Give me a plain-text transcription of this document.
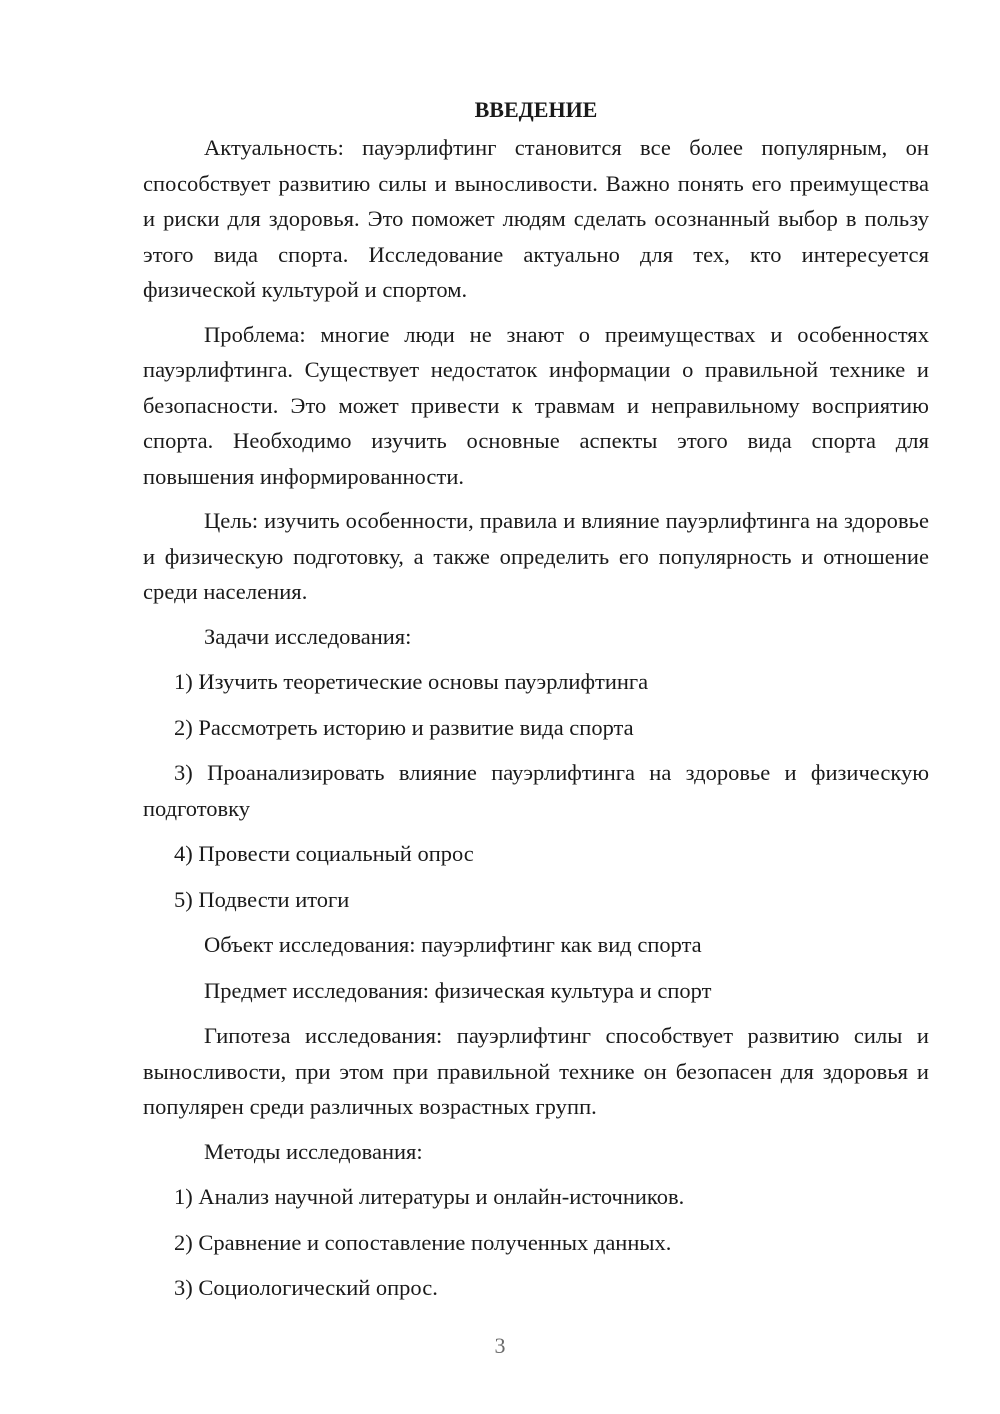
ВВЕДЕНИЕ

Актуальность: пауэрлифтинг становится все более популярным, он способствует развитию силы и выносливости. Важно понять его преимущества и риски для здоровья. Это поможет людям сделать осознанный выбор в пользу этого вида спорта. Исследование актуально для тех, кто интересуется физической культурой и спортом.

Проблема: многие люди не знают о преимуществах и особенностях пауэрлифтинга. Существует недостаток информации о правильной технике и безопасности. Это может привести к травмам и неправильному восприятию спорта. Необходимо изучить основные аспекты этого вида спорта для повышения информированности.

Цель: изучить особенности, правила и влияние пауэрлифтинга на здоровье и физическую подготовку, а также определить его популярность и отношение среди населения.

Задачи исследования:

1) Изучить теоретические основы пауэрлифтинга

2) Рассмотреть историю и развитие вида спорта

3) Проанализировать влияние пауэрлифтинга на здоровье и физическую подготовку

4) Провести социальный опрос

5) Подвести итоги

Объект исследования: пауэрлифтинг как вид спорта

Предмет исследования: физическая культура и спорт

Гипотеза исследования: пауэрлифтинг способствует развитию силы и выносливости, при этом при правильной технике он безопасен для здоровья и популярен среди различных возрастных групп.

Методы исследования:

1) Анализ научной литературы и онлайн-источников.

2) Сравнение и сопоставление полученных данных.

3) Социологический опрос.

3
